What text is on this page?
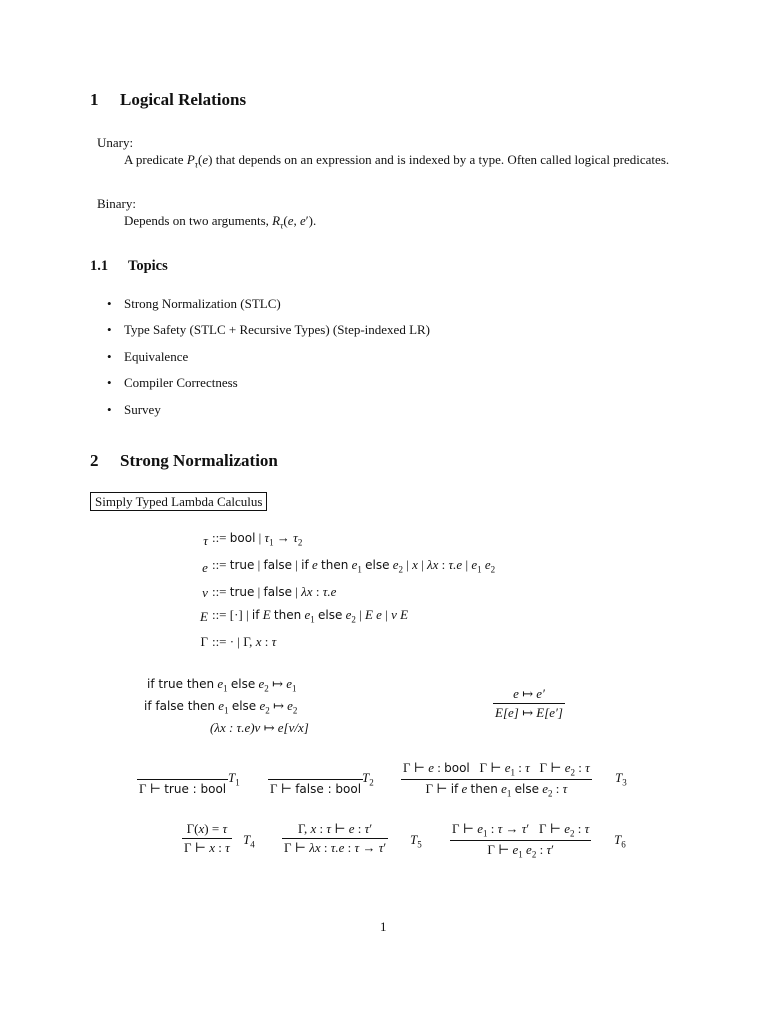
1 Logical Relations
Unary:
A predicate $P_\tau(e)$ that depends on an expression and is indexed by a type. Often called logical predicates.
Binary:
Depends on two arguments, $R_\tau(e$, e′).
1.1 Topics
• Strong Normalization (STLC)
• Type Safety (STLC + Recursive Types) (Step-indexed LR)
• Equivalence
• Compiler Correctness
• Survey
2 Strong Normalization
Simply Typed Lambda Calculus
τ	::= bool | $\tau_1 \to \tau_2$
e	::= true | false | if e then $e_1$ else $e_2$ | x | λx : τ.e | $e_1$ $e_2$
v	::= true | false | λx : τ.e
E	::= [·] | if E then $e_1$ else $e_2$ | E e | v E
Γ	::= · | Γ, x : τ
if true then $e_1$ else $e_2$ ↦ $e_1$
if false then $e_1$ else $e_2$ ↦ $e_2$
(λx : τ.e)v ↦ e[v/x]
$\frac{e ↦ e'}{E[e] ↦ E[e']}$

Γ ⊢ true : bool
$T_1$
Γ ⊢ false : bool
$T_2$
Γ ⊢ e : bool   Γ ⊢ $e_1$ : τ   Γ ⊢ $e_2$ : τ
Γ ⊢ if e then $e_1$ else $e_2$ : τ
$T_3$
$\frac{\Gamma(x) = \tau}{\Gamma ⊢ x : \tau} T_4 \frac{\Gamma, x : \tau ⊢ e : \tau'}{\Gamma ⊢ \lambda x : \tau.e : \tau \to \tau'} T_5 \frac{\Gamma ⊢ e_1 : \tau \to \tau' \Gamma ⊢ e_2 : \tau}{\Gamma ⊢ e_1 e_2 : \tau'} T_6$
1
